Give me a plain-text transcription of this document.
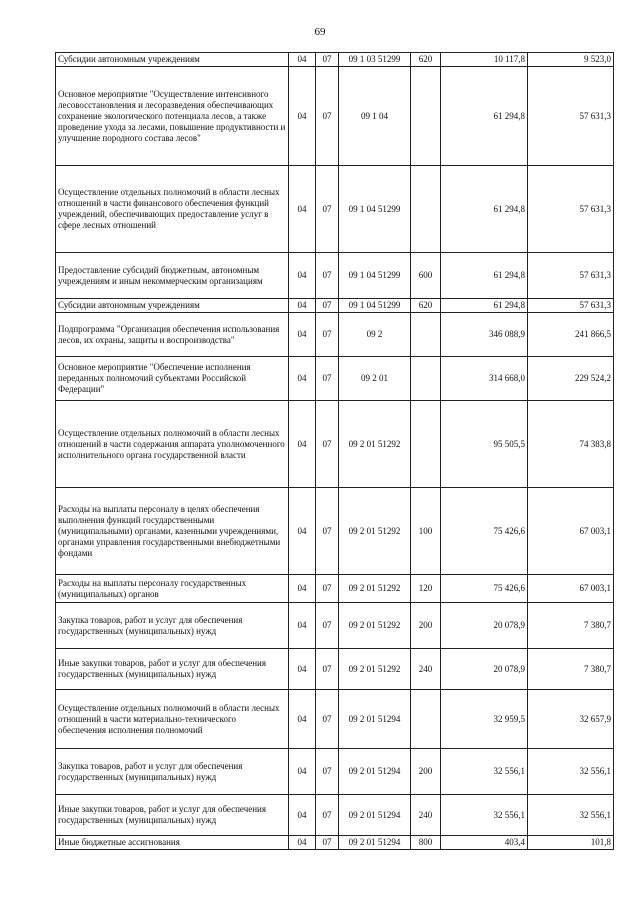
69
Субсидии автономным учреждениям	04	07	09 1 03 51299	620	10 117,8	9 523,0
Основное мероприятие "Осуществление интенсивного лесовосстановления и лесоразведения обеспечивающих сохранение экологического потенциала лесов, а также проведение ухода за лесами, повышение продуктивности и улучшение породного состава лесов"	04	07	09 1 04		61 294,8	57 631,3
Осуществление отдельных полномочий в области лесных отношений в части финансового обеспечения функций учреждений, обеспечивающих предоставление услуг в сфере лесных отношений	04	07	09 1 04 51299		61 294,8	57 631,3
Предоставление субсидий бюджетным, автономным учреждениям и иным некоммерческим организациям	04	07	09 1 04 51299	600	61 294,8	57 631,3
Субсидии автономным учреждениям	04	07	09 1 04 51299	620	61 294,8	57 631,3
Подпрограмма "Организация обеспечения использования лесов, их охраны, защиты и воспроизводства"	04	07	09 2		346 088,9	241 866,5
Основное мероприятие "Обеспечение исполнения переданных полномочий субъектами Российской Федерации"	04	07	09 2 01		314 668,0	229 524,2
Осуществление отдельных полномочий в области лесных отношений в части содержания аппарата уполномоченного исполнительного органа государственной власти	04	07	09 2 01 51292		95 505,5	74 383,8
Расходы на выплаты персоналу в целях обеспечения выполнения функций государственными (муниципальными) органами, казенными учреждениями, органами управления государственными внебюджетными фондами	04	07	09 2 01 51292	100	75 426,6	67 003,1
Расходы на выплаты персоналу государственных (муниципальных) органов	04	07	09 2 01 51292	120	75 426,6	67 003,1
Закупка товаров, работ и услуг для обеспечения государственных (муниципальных) нужд	04	07	09 2 01 51292	200	20 078,9	7 380,7
Иные закупки товаров, работ и услуг для обеспечения государственных (муниципальных) нужд	04	07	09 2 01 51292	240	20 078,9	7 380,7
Осуществление отдельных полномочий в области лесных отношений в части материально-технического обеспечения исполнения полномочий	04	07	09 2 01 51294		32 959,5	32 657,9
Закупка товаров, работ и услуг для обеспечения государственных (муниципальных) нужд	04	07	09 2 01 51294	200	32 556,1	32 556,1
Иные закупки товаров, работ и услуг для обеспечения государственных (муниципальных) нужд	04	07	09 2 01 51294	240	32 556,1	32 556,1
Иные бюджетные ассигнования	04	07	09 2 01 51294	800	403,4	101,8
